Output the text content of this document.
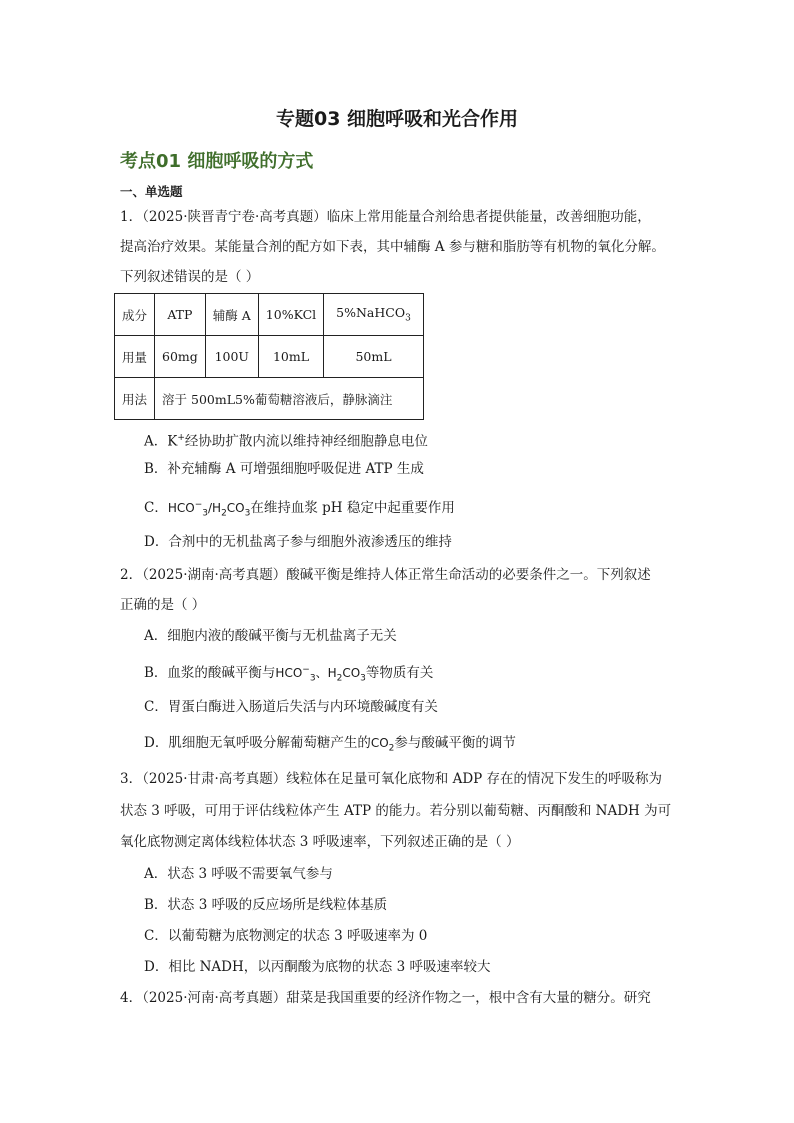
专题03 细胞呼吸和光合作用
考点01 细胞呼吸的方式
一、单选题
1．（2025·陕晋青宁卷·高考真题）临床上常用能量合剂给患者提供能量，改善细胞功能，
提高治疗效果。某能量合剂的配方如下表，其中辅酶 A 参与糖和脂肪等有机物的氧化分解。
下列叙述错误的是（ ）
成分	ATP	辅酶 A	10%KCl	5%NaHCO$_3$
用量	60mg	100U	10mL	50mL
用法	溶于 500mL5%葡萄糖溶液后，静脉滴注			
A．K+经协助扩散内流以维持神经细胞静息电位
B．补充辅酶 A 可增强细胞呼吸促进 ATP 生成
C．$HCO^-_3/H_2CO_3$在维持血浆 pH 稳定中起重要作用
D．合剂中的无机盐离子参与细胞外液渗透压的维持
2．（2025·湖南·高考真题）酸碱平衡是维持人体正常生命活动的必要条件之一。下列叙述
正确的是（ ）
A．细胞内液的酸碱平衡与无机盐离子无关
B．血浆的酸碱平衡与$HCO^-_3$、$H_2CO_3$等物质有关
C．胃蛋白酶进入肠道后失活与内环境酸碱度有关
D．肌细胞无氧呼吸分解葡萄糖产生的$CO_2$参与酸碱平衡的调节
3．（2025·甘肃·高考真题）线粒体在足量可氧化底物和 ADP 存在的情况下发生的呼吸称为
状态 3 呼吸，可用于评估线粒体产生 ATP 的能力。若分别以葡萄糖、丙酮酸和 NADH 为可
氧化底物测定离体线粒体状态 3 呼吸速率，下列叙述正确的是（ ）
A．状态 3 呼吸不需要氧气参与
B．状态 3 呼吸的反应场所是线粒体基质
C．以葡萄糖为底物测定的状态 3 呼吸速率为 0
D．相比 NADH，以丙酮酸为底物的状态 3 呼吸速率较大
4．（2025·河南·高考真题）甜菜是我国重要的经济作物之一，根中含有大量的糖分。研究
